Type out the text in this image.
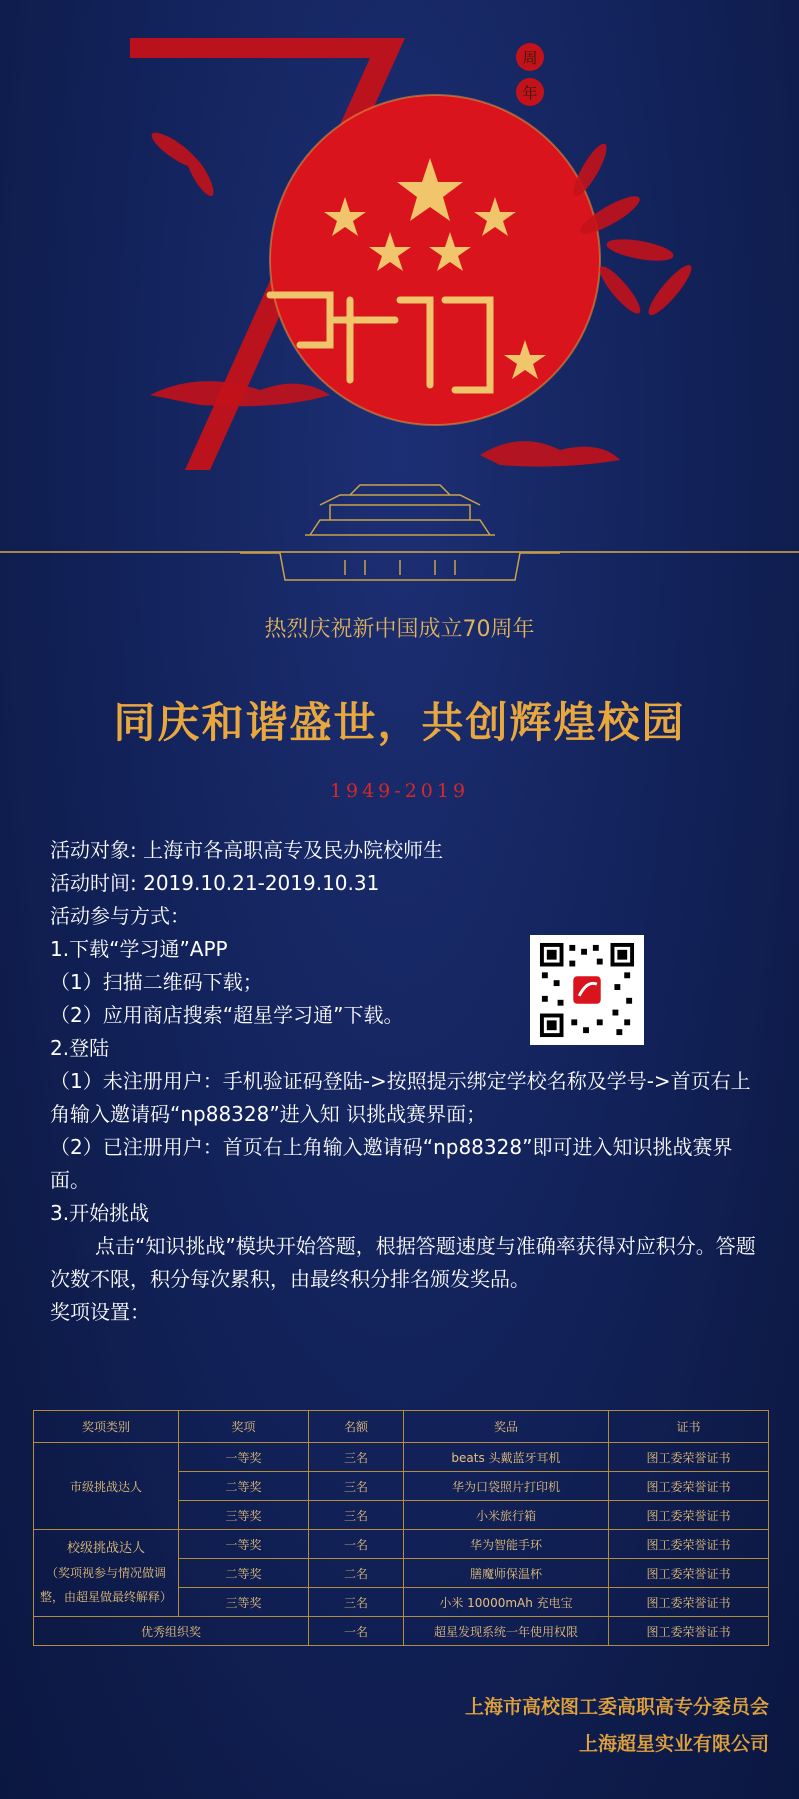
周
年
热烈庆祝新中国成立70周年
同庆和谐盛世，共创辉煌校园
1949-2019
活动对象: 上海市各高职高专及民办院校师生
活动时间: 2019.10.21-2019.10.31
活动参与方式：
1.下载“学习通”APP
（1）扫描二维码下载；
（2）应用商店搜索“超星学习通”下载。
2.登陆
（1）未注册用户：手机验证码登陆->按照提示绑定学校名称及学号->首页右上角输入邀请码“np88328”进入知 识挑战赛界面；
（2）已注册用户：首页右上角输入邀请码“np88328”即可进入知识挑战赛界面。
3.开始挑战
点击“知识挑战”模块开始答题，根据答题速度与准确率获得对应积分。答题次数不限，积分每次累积，由最终积分排名颁发奖品。
奖项设置：
奖项类别	奖项	名额	奖品	证书
市级挑战达人	一等奖	三名	beats 头戴蓝牙耳机	图工委荣誉证书
	二等奖	三名	华为口袋照片打印机	图工委荣誉证书
	三等奖	三名	小米旅行箱	图工委荣誉证书

校级挑战达人
（奖项视参与情况做调整，由超星做最终解释）	一等奖	一名	华为智能手环	图工委荣誉证书
	二等奖	二名	膳魔师保温杯	图工委荣誉证书
	三等奖	三名	小米 10000mAh 充电宝	图工委荣誉证书
优秀组织奖		一名	超星发现系统一年使用权限	图工委荣誉证书
上海市高校图工委高职高专分委员会
上海超星实业有限公司
